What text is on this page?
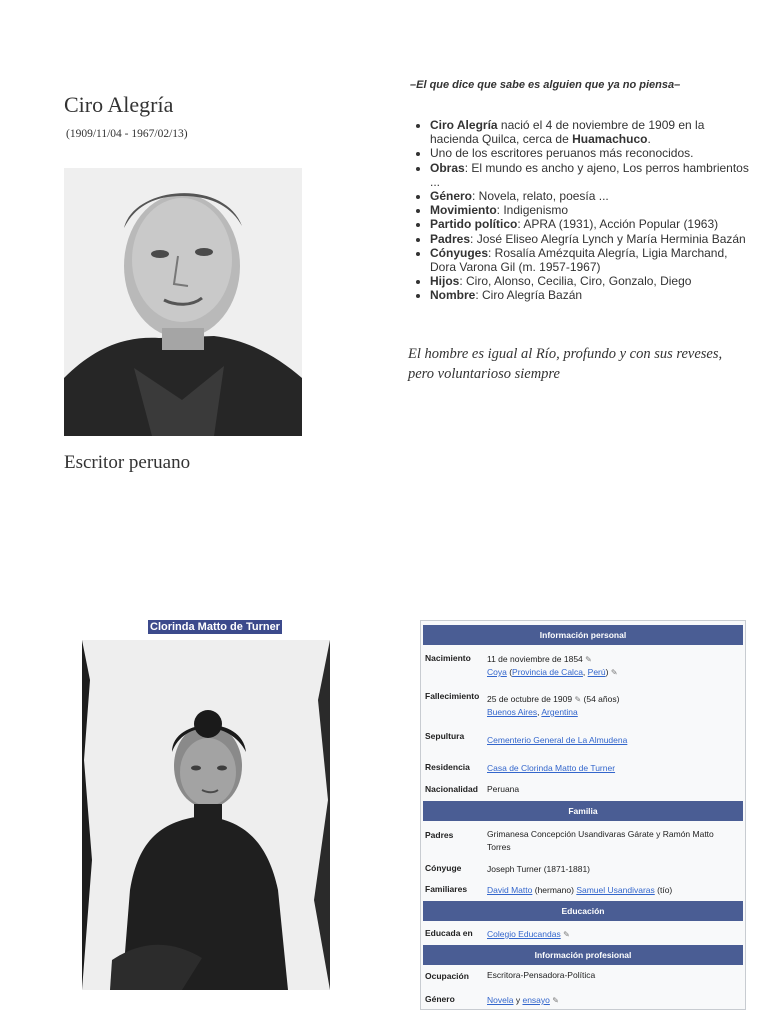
Ciro Alegría
(1909/11/04 - 1967/02/13)
Escritor peruano
–El que dice que sabe es alguien que ya no piensa–
• Ciro Alegría nació el 4 de noviembre de 1909 en la hacienda Quilca, cerca de Huamachuco.
• Uno de los escritores peruanos más reconocidos.
• Obras: El mundo es ancho y ajeno, Los perros hambrientos ...
• Género: Novela, relato, poesía ...
• Movimiento: Indigenismo
• Partido político: APRA (1931), Acción Popular (1963)
• Padres: José Eliseo Alegría Lynch y María Herminia Bazán
• Cónyuges: Rosalía Amézquita Alegría, Ligia Marchand, Dora Varona Gil (m. 1957-1967)
• Hijos: Ciro, Alonso, Cecilia, Ciro, Gonzalo, Diego
• Nombre: Ciro Alegría Bazán
El hombre es igual al Río, profundo y con sus reveses, pero voluntarioso siempre
Clorinda Matto de Turner
Información personal
Nacimiento	11 de noviembre de 1854 ✎
Coya (Provincia de Calca, Perú) ✎
Fallecimiento 25 de octubre de 1909 ✎ (54 años)
Buenos Aires, Argentina
Sepultura	Cementerio General de La Almudena
Residencia	Casa de Clorinda Matto de Turner
Nacionalidad	Peruana
Familia
Padres	Grimanesa Concepción Usandivaras Gárate y Ramón Matto Torres
Cónyuge	Joseph Turner (1871-1881)
Familiares	David Matto (hermano) Samuel Usandivaras (tío)
Educación
Educada en	Colegio Educandas ✎
Información profesional
Ocupación	Escritora-Pensadora-Política
Género	Novela y ensayo ✎
